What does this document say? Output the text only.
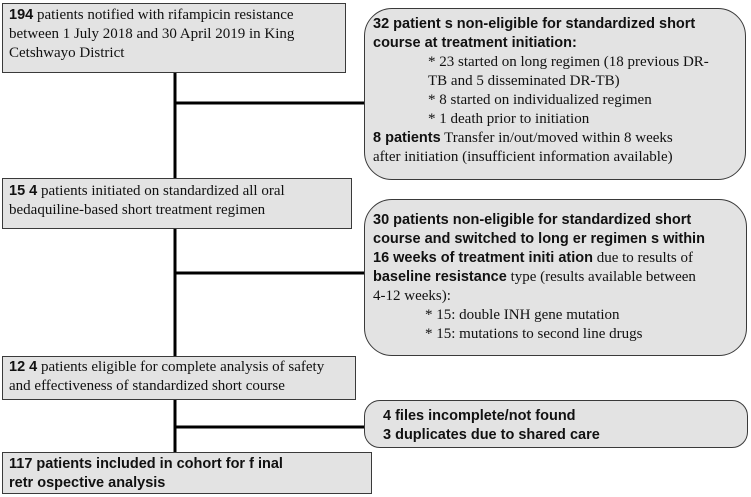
194 patients notified with rifampicin resistance
between 1 July 2018 and 30 April 2019 in King
Cetshwayo District
32 patient s non-eligible for standardized short
course at treatment initiation:
* 23 started on long regimen (18 previous DR-
TB and 5 disseminated DR-TB)
* 8 started on individualized regimen
* 1 death prior to initiation
8 patients Transfer in/out/moved within 8 weeks
after initiation (insufficient information available)
15 4 patients initiated on standardized all oral
bedaquiline-based short treatment regimen
30 patients non-eligible for standardized short
course and switched to long er regimen s within
16 weeks of treatment initi ation due to results of
baseline resistance type (results available between
4-12 weeks):
* 15: double INH gene mutation
* 15: mutations to second line drugs
12 4 patients eligible for complete analysis of safety
and effectiveness of standardized short course
4 files incomplete/not found
3 duplicates due to shared care
117 patients included in cohort for f inal
retr ospective analysis
